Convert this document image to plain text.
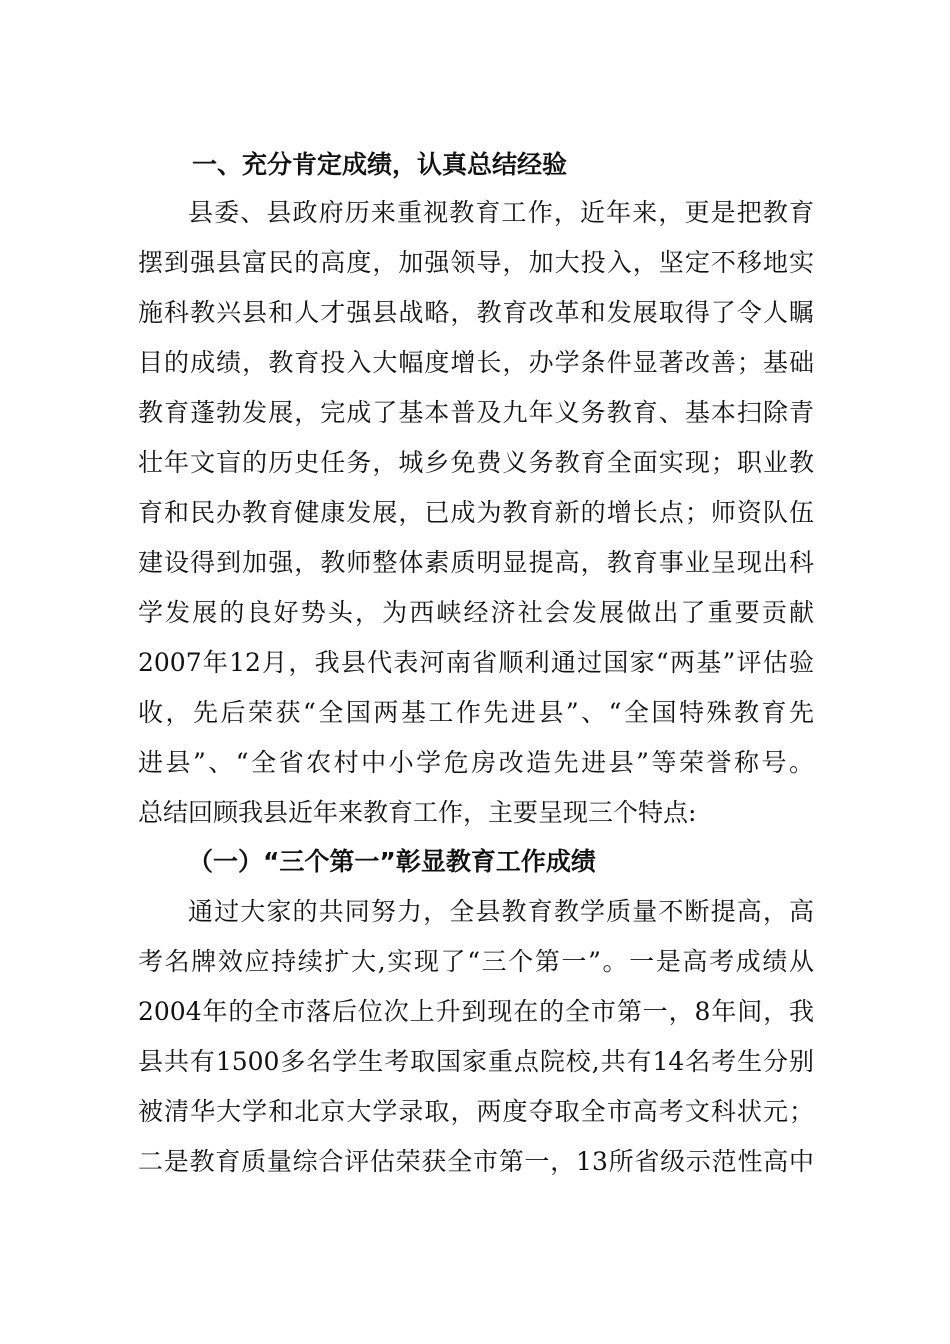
一、充分肯定成绩，认真总结经验
县委、县政府历来重视教育工作，近年来，更是把教育
摆到强县富民的高度，加强领导，加大投入，坚定不移地实
施科教兴县和人才强县战略，教育改革和发展取得了令人瞩
目的成绩，教育投入大幅度增长，办学条件显著改善；基础
教育蓬勃发展，完成了基本普及九年义务教育、基本扫除青
壮年文盲的历史任务，城乡免费义务教育全面实现；职业教
育和民办教育健康发展，已成为教育新的增长点；师资队伍
建设得到加强，教师整体素质明显提高，教育事业呈现出科
学发展的良好势头，为西峡经济社会发展做出了重要贡献
2007年12月，我县代表河南省顺利通过国家“两基”评估验
收，先后荣获“全国两基工作先进县”、“全国特殊教育先
进县”、“全省农村中小学危房改造先进县”等荣誉称号。
总结回顾我县近年来教育工作，主要呈现三个特点:
（一）“三个第一”彰显教育工作成绩
通过大家的共同努力，全县教育教学质量不断提高，高
考名牌效应持续扩大,实现了“三个第一”。一是高考成绩从
2004年的全市落后位次上升到现在的全市第一，8年间，我
县共有1500多名学生考取国家重点院校,共有14名考生分别
被清华大学和北京大学录取，两度夺取全市高考文科状元；
二是教育质量综合评估荣获全市第一，13所省级示范性高中
